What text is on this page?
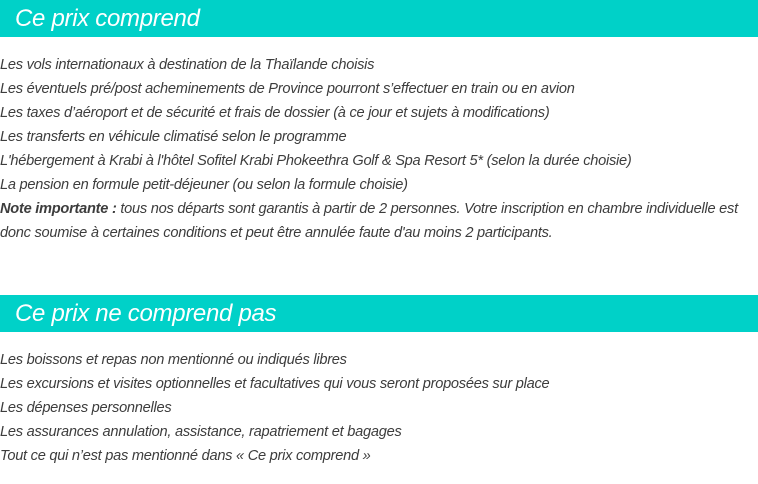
Ce prix comprend
Les vols internationaux à destination de la Thaïlande choisis
Les éventuels pré/post acheminements de Province pourront s’effectuer en train ou en avion
Les taxes d’aéroport et de sécurité et frais de dossier (à ce jour et sujets à modifications)
Les transferts en véhicule climatisé selon le programme
L'hébergement à Krabi à l'hôtel Sofitel Krabi Phokeethra Golf & Spa Resort 5* (selon la durée choisie)
La pension en formule petit-déjeuner (ou selon la formule choisie)
Note importante : tous nos départs sont garantis à partir de 2 personnes. Votre inscription en chambre individuelle est donc soumise à certaines conditions et peut être annulée faute d'au moins 2 participants.
Ce prix ne comprend pas
Les boissons et repas non mentionné ou indiqués libres
Les excursions et visites optionnelles et facultatives qui vous seront proposées sur place
Les dépenses personnelles
Les assurances annulation, assistance, rapatriement et bagages
Tout ce qui n’est pas mentionné dans « Ce prix comprend »
